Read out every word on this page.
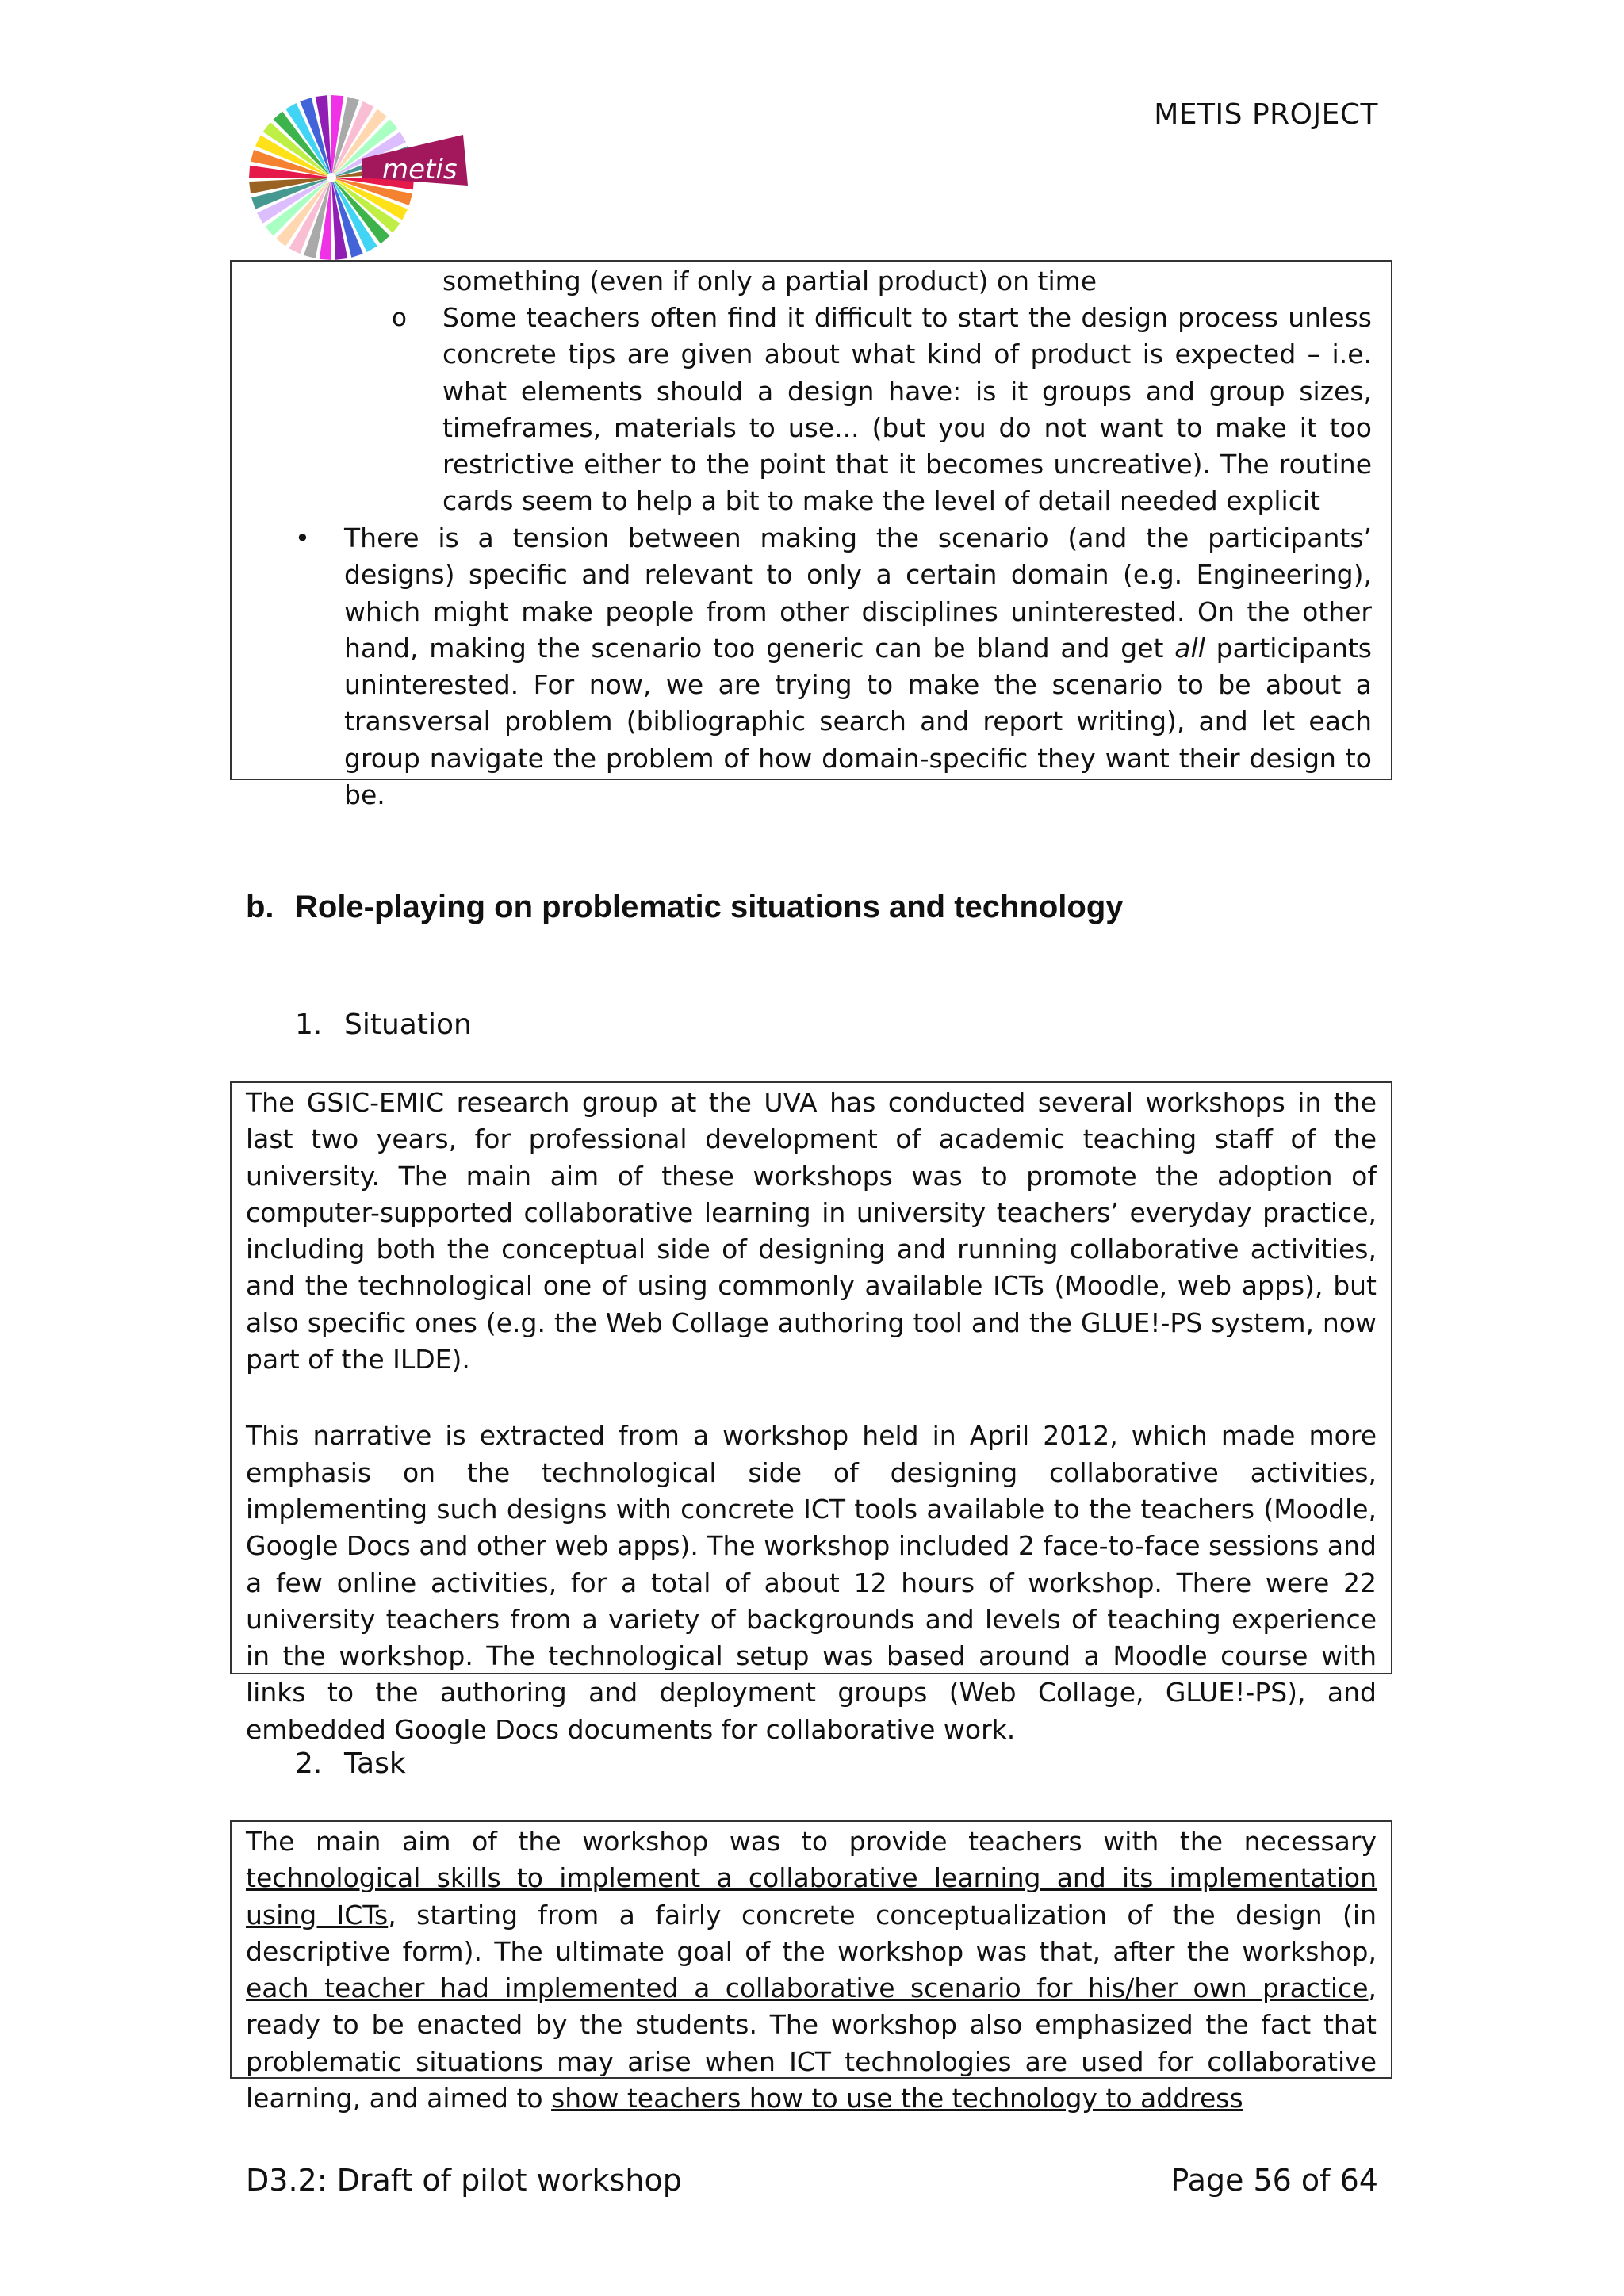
metis
METIS PROJECT
something (even if only a partial product) on time
o Some teachers often find it difficult to start the design process unless concrete tips are given about what kind of product is expected – i.e. what elements should a design have: is it groups and group sizes, timeframes, materials to use... (but you do not want to make it too restrictive either to the point that it becomes uncreative). The routine cards seem to help a bit to make the level of detail needed explicit

• There is a tension between making the scenario (and the participants’ designs) specific and relevant to only a certain domain (e.g. Engineering), which might make people from other disciplines uninterested. On the other hand, making the scenario too generic can be bland and get all participants uninterested. For now, we are trying to make the scenario to be about a transversal problem (bibliographic search and report writing), and let each group navigate the problem of how domain-specific they want their design to be.

b. Role-playing on problematic situations and technology
1. Situation

The GSIC-EMIC research group at the UVA has conducted several workshops in the last two years, for professional development of academic teaching staff of the university. The main aim of these workshops was to promote the adoption of computer-supported collaborative learning in university teachers’ everyday practice, including both the conceptual side of designing and running collaborative activities, and the technological one of using commonly available ICTs (Moodle, web apps), but also specific ones (e.g. the Web Collage authoring tool and the GLUE!-PS system, now part of the ILDE).

This narrative is extracted from a workshop held in April 2012, which made more emphasis on the technological side of designing collaborative activities, implementing such designs with concrete ICT tools available to the teachers (Moodle, Google Docs and other web apps). The workshop included 2 face-to-face sessions and a few online activities, for a total of about 12 hours of workshop. There were 22 university teachers from a variety of backgrounds and levels of teaching experience in the workshop. The technological setup was based around a Moodle course with links to the authoring and deployment groups (Web Collage, GLUE!-PS), and embedded Google Docs documents for collaborative work.

2. Task

The main aim of the workshop was to provide teachers with the necessary technological skills to implement a collaborative learning and its implementation using ICTs, starting from a fairly concrete conceptualization of the design (in descriptive form). The ultimate goal of the workshop was that, after the workshop, each teacher had implemented a collaborative scenario for his/her own practice, ready to be enacted by the students. The workshop also emphasized the fact that problematic situations may arise when ICT technologies are used for collaborative learning, and aimed to show teachers how to use the technology to address

D3.2: Draft of pilot workshop	Page 56 of 64
